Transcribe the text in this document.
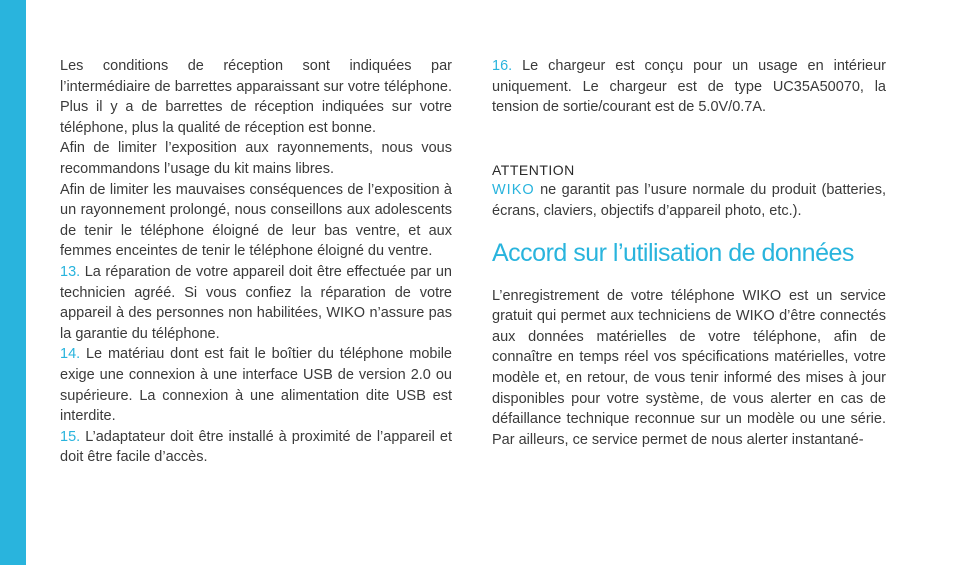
Les conditions de réception sont indiquées par l’intermédiaire de barrettes apparaissant sur votre téléphone. Plus il y a de barrettes de réception indiquées sur votre téléphone, plus la qualité de réception est bonne.

Afin de limiter l’exposition aux rayonnements, nous vous recommandons l’usage du kit mains libres.

Afin de limiter les mauvaises conséquences de l’exposition à un rayonnement prolongé, nous conseillons aux adolescents de tenir le téléphone éloigné de leur bas ventre, et aux femmes enceintes de tenir le téléphone éloigné du ventre.

13. La réparation de votre appareil doit être effectuée par un technicien agréé. Si vous confiez la réparation de votre appareil à des personnes non habilitées, WIKO n’assure pas la garantie du téléphone.

14. Le matériau dont est fait le boîtier du téléphone mobile exige une connexion à une interface USB de version 2.0 ou supérieure. La connexion à une alimentation dite USB est interdite.

15. L’adaptateur doit être installé à proximité de l’appareil et doit être facile d’accès.

16. Le chargeur est conçu pour un usage en intérieur uniquement. Le chargeur est de type UC35A50070, la tension de sortie/courant est de 5.0V/0.7A.

ATTENTION

WIKO ne garantit pas l’usure normale du produit (batteries, écrans, claviers, objectifs d’appareil photo, etc.).

Accord sur l’utilisation de données

L’enregistrement de votre téléphone WIKO est un service gratuit qui permet aux techniciens de WIKO d’être connectés aux données matérielles de votre téléphone, afin de connaître en temps réel vos spécifications matérielles, votre modèle et, en retour, de vous tenir informé des mises à jour disponibles pour votre système, de vous alerter en cas de défaillance technique reconnue sur un modèle ou une série. Par ailleurs, ce service permet de nous alerter instantané-
